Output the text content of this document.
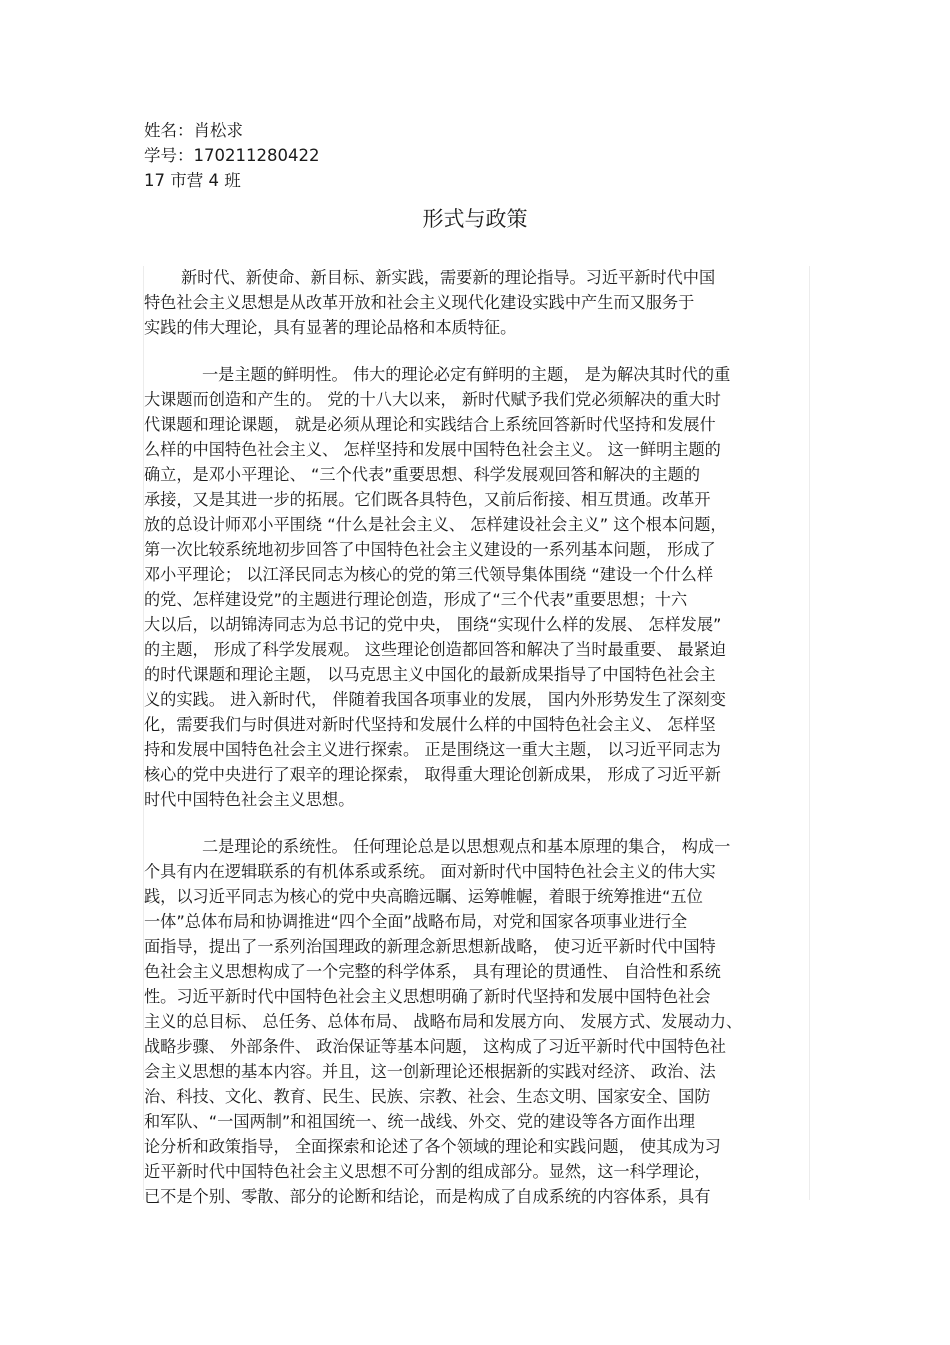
姓名：肖松求
学号：170211280422
17 市营 4 班
形式与政策
新时代、新使命、新目标、新实践，需要新的理论指导。习近平新时代中国
特色社会主义思想是从改革开放和社会主义现代化建设实践中产生而又服务于
实践的伟大理论，具有显著的理论品格和本质特征。
一是主题的鲜明性。 伟大的理论必定有鲜明的主题， 是为解决其时代的重
大课题而创造和产生的。 党的十八大以来， 新时代赋予我们党必须解决的重大时
代课题和理论课题， 就是必须从理论和实践结合上系统回答新时代坚持和发展什
么样的中国特色社会主义、 怎样坚持和发展中国特色社会主义。 这一鲜明主题的
确立，是邓小平理论、 “三个代表”重要思想、科学发展观回答和解决的主题的
承接，又是其进一步的拓展。它们既各具特色，又前后衔接、相互贯通。改革开
放的总设计师邓小平围绕 “什么是社会主义、 怎样建设社会主义” 这个根本问题，
第一次比较系统地初步回答了中国特色社会主义建设的一系列基本问题， 形成了
邓小平理论； 以江泽民同志为核心的党的第三代领导集体围绕 “建设一个什么样
的党、怎样建设党”的主题进行理论创造，形成了“三个代表”重要思想；十六
大以后，以胡锦涛同志为总书记的党中央， 围绕“实现什么样的发展、 怎样发展”
的主题， 形成了科学发展观。 这些理论创造都回答和解决了当时最重要、 最紧迫
的时代课题和理论主题， 以马克思主义中国化的最新成果指导了中国特色社会主
义的实践。 进入新时代， 伴随着我国各项事业的发展， 国内外形势发生了深刻变
化，需要我们与时俱进对新时代坚持和发展什么样的中国特色社会主义、 怎样坚
持和发展中国特色社会主义进行探索。 正是围绕这一重大主题， 以习近平同志为
核心的党中央进行了艰辛的理论探索， 取得重大理论创新成果， 形成了习近平新
时代中国特色社会主义思想。
二是理论的系统性。 任何理论总是以思想观点和基本原理的集合， 构成一
个具有内在逻辑联系的有机体系或系统。 面对新时代中国特色社会主义的伟大实
践，以习近平同志为核心的党中央高瞻远瞩、运筹帷幄，着眼于统筹推进“五位
一体”总体布局和协调推进“四个全面”战略布局，对党和国家各项事业进行全
面指导，提出了一系列治国理政的新理念新思想新战略， 使习近平新时代中国特
色社会主义思想构成了一个完整的科学体系， 具有理论的贯通性、 自洽性和系统
性。习近平新时代中国特色社会主义思想明确了新时代坚持和发展中国特色社会
主义的总目标、 总任务、总体布局、 战略布局和发展方向、 发展方式、发展动力、
战略步骤、 外部条件、 政治保证等基本问题， 这构成了习近平新时代中国特色社
会主义思想的基本内容。并且，这一创新理论还根据新的实践对经济、 政治、法
治、科技、文化、教育、民生、民族、宗教、社会、生态文明、国家安全、国防
和军队、“一国两制”和祖国统一、统一战线、外交、党的建设等各方面作出理
论分析和政策指导， 全面探索和论述了各个领域的理论和实践问题， 使其成为习
近平新时代中国特色社会主义思想不可分割的组成部分。显然，这一科学理论，
已不是个别、零散、部分的论断和结论，而是构成了自成系统的内容体系，具有
